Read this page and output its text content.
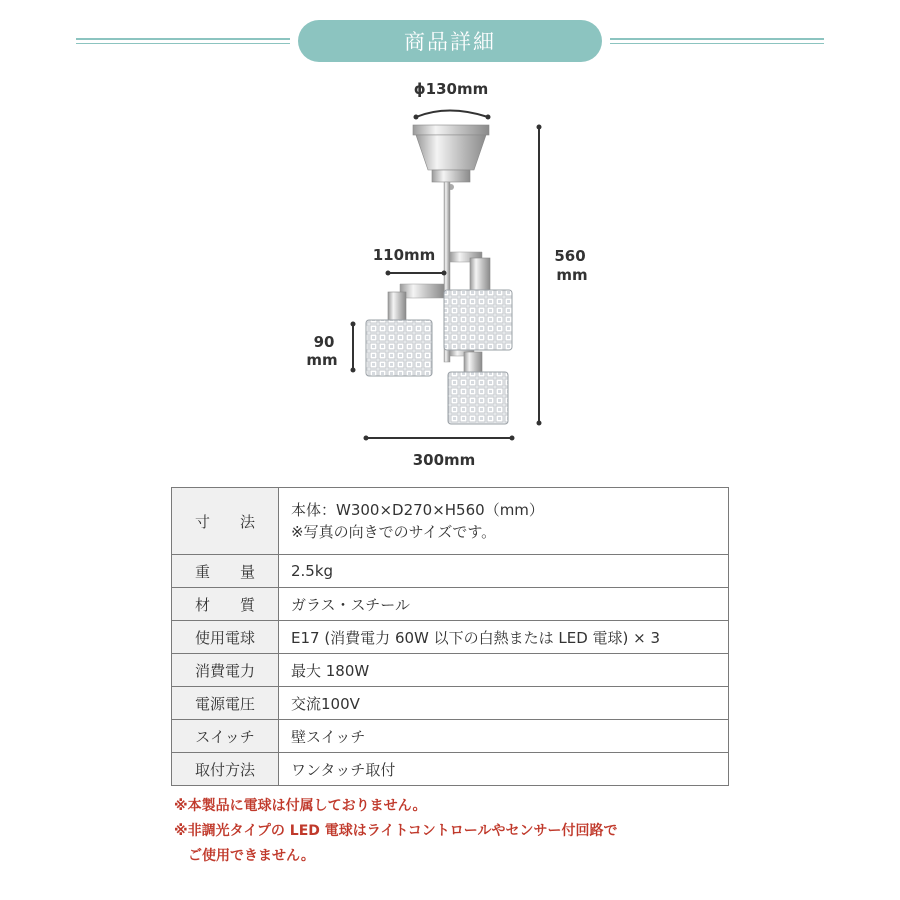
商品詳細
ϕ130mm
110mm	560
mm
90
mm
300mm
寸　　法	本体：W300×D270×H560（mm）
※写真の向きでのサイズです。

重　　量	2.5kg
材　　質	ガラス・スチール
使用電球	E17 (消費電力 60W 以下の白熱または LED 電球) × 3
消費電力	最大 180W
電源電圧	交流100V
スイッチ	壁スイッチ
取付方法	ワンタッチ取付
※本製品に電球は付属しておりません。
※非調光タイプの LED 電球はライトコントロールやセンサー付回路で
　ご使用できません。
